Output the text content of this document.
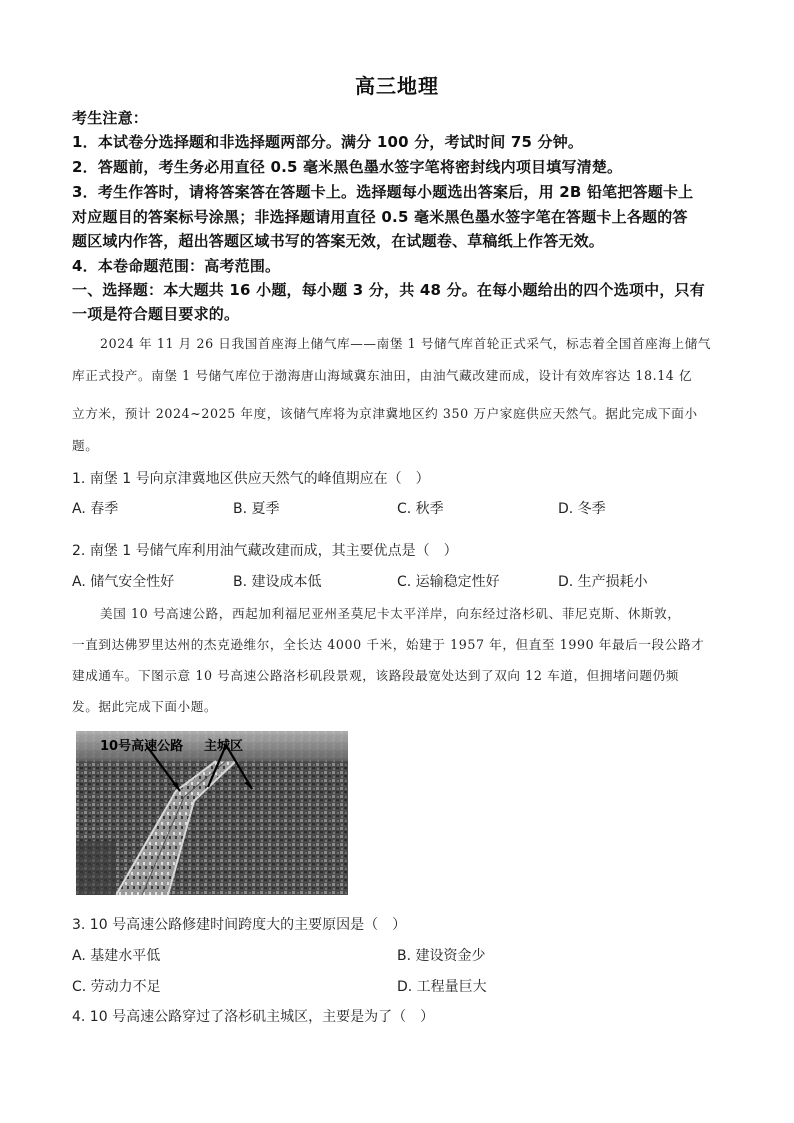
高三地理
考生注意：
1．本试卷分选择题和非选择题两部分。满分 100 分，考试时间 75 分钟。
2．答题前，考生务必用直径 0.5 毫米黑色墨水签字笔将密封线内项目填写清楚。
3．考生作答时，请将答案答在答题卡上。选择题每小题选出答案后，用 2B 铅笔把答题卡上
对应题目的答案标号涂黑；非选择题请用直径 0.5 毫米黑色墨水签字笔在答题卡上各题的答
题区域内作答，超出答题区域书写的答案无效，在试题卷、草稿纸上作答无效。
4．本卷命题范围：高考范围。
一、选择题：本大题共 16 小题，每小题 3 分，共 48 分。在每小题给出的四个选项中，只有
一项是符合题目要求的。
2024 年 11 月 26 日我国首座海上储气库——南堡 1 号储气库首轮正式采气，标志着全国首座海上储气
库正式投产。南堡 1 号储气库位于渤海唐山海域冀东油田，由油气藏改建而成，设计有效库容达 18.14 亿
立方米，预计 2024~2025 年度，该储气库将为京津冀地区约 350 万户家庭供应天然气。据此完成下面小
题。
1. 南堡 1 号向京津冀地区供应天然气的峰值期应在（　）
A. 春季	B. 夏季	C. 秋季	D. 冬季
2. 南堡 1 号储气库利用油气藏改建而成，其主要优点是（　）
A. 储气安全性好	B. 建设成本低	C. 运输稳定性好	D. 生产损耗小
美国 10 号高速公路，西起加利福尼亚州圣莫尼卡太平洋岸，向东经过洛杉矶、菲尼克斯、休斯敦，
一直到达佛罗里达州的杰克逊维尔，全长达 4000 千米，始建于 1957 年，但直至 1990 年最后一段公路才
建成通车。下图示意 10 号高速公路洛杉矶段景观，该路段最宽处达到了双向 12 车道，但拥堵问题仍频
发。据此完成下面小题。
10号高速公路 主城区
3. 10 号高速公路修建时间跨度大的主要原因是（　）
A. 基建水平低	B. 建设资金少
C. 劳动力不足	D. 工程量巨大
4. 10 号高速公路穿过了洛杉矶主城区，主要是为了（　）
